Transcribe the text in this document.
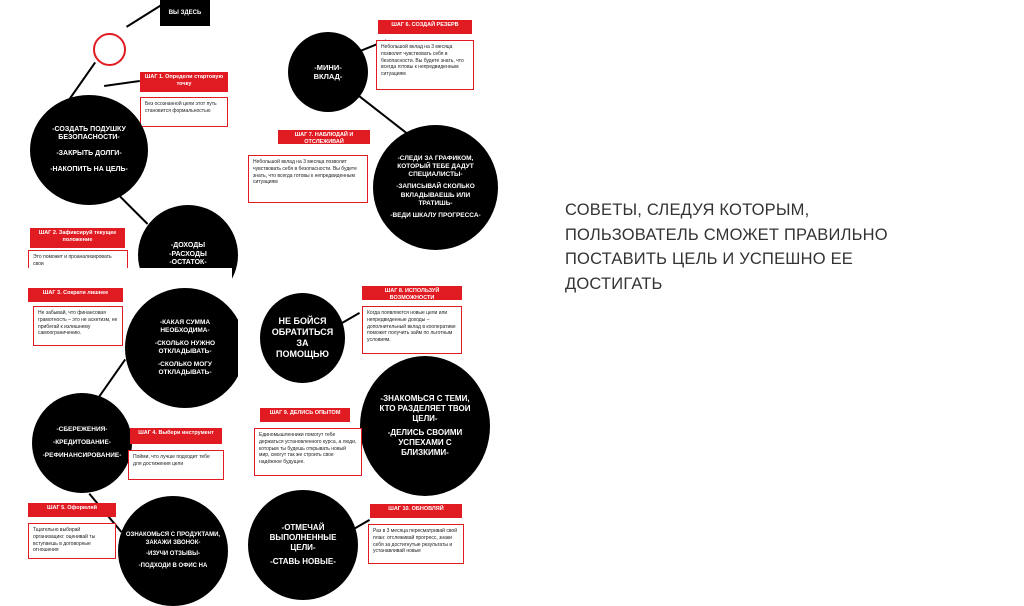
ВЫ ЗДЕСЬ
ШАГ 1. Определи стартовую точку
Без осознанной цели этот путь становится формальностью
-СОЗДАТЬ ПОДУШКУ
БЕЗОПАСНОСТИ-
-ЗАКРЫТЬ ДОЛГИ-
-НАКОПИТЬ НА ЦЕЛЬ-
ШАГ 2. Зафиксируй текущее положение
Это поможет и проанализировать свои
-ДОХОДЫ
-РАСХОДЫ
-ОСТАТОК-
-МИНИ-
ВКЛАД-
ШАГ 6. СОЗДАЙ РЕЗЕРВ
Небольшой вклад на 3 месяца позволит чувствовать себя в безопасности. Вы будете знать, что всегда готовы к непредвиденным ситуациям
ШАГ 7. НАБЛЮДАЙ И ОТСЛЕЖИВАЙ
Небольшой вклад на 3 месяца позволит чувствовать себя в безопасности. Вы будете знать, что всегда готовы к непредвиденным ситуациям
-СЛЕДИ ЗА ГРАФИКОМ,
КОТОРЫЙ ТЕБЕ ДАДУТ
СПЕЦИАЛИСТЫ-
-ЗАПИСЫВАЙ СКОЛЬКО
ВКЛАДЫВАЕШЬ ИЛИ
ТРАТИШЬ-
-ВЕДИ ШКАЛУ ПРОГРЕССА-
ШАГ 3. Сократи лишнее
Не забывай, что финансовая грамотность – это не аскетизм, не прибегай к излишнему самоограничению.
-КАКАЯ СУММА
НЕОБХОДИМА-
-СКОЛЬКО НУЖНО
ОТКЛАДЫВАТЬ-
-СКОЛЬКО МОГУ
ОТКЛАДЫВАТЬ-
-СБЕРЕЖЕНИЯ-
-КРЕДИТОВАНИЕ-
-РЕФИНАНСИРОВАНИЕ-
ШАГ 4. Выбери инструмент
Пойми, что лучше подходит тебе для достижения цели
ШАГ 5. Оформляй
Тщательно выбирай организацию: оценивай ты вступаешь в договорные отношения
ОЗНАКОМЬСЯ С ПРОДУКТАМИ,
ЗАКАЖИ ЗВОНОК-
-ИЗУЧИ ОТЗЫВЫ-
-ПОДХОДИ В ОФИС НА
НЕ БОЙСЯ
ОБРАТИТЬСЯ
ЗА
ПОМОЩЬЮ
ШАГ 8. ИСПОЛЬЗУЙ ВОЗМОЖНОСТИ
Когда появляются новые цели или непредвиденные доходы – дополнительный вклад в кооперативе поможет получить займ по льготным условиям.
-ЗНАКОМЬСЯ С ТЕМИ,
КТО РАЗДЕЛЯЕТ ТВОИ
ЦЕЛИ-
-ДЕЛИСЬ СВОИМИ
УСПЕХАМИ С
БЛИЗКИМИ-
ШАГ 9. ДЕЛИСЬ ОПЫТОМ
Единомышленники помогут тебе держаться установленного курса, а люди, которым ты будешь открывать новый мир, смогут так же строить свое надёжное будущее.
-ОТМЕЧАЙ
ВЫПОЛНЕННЫЕ
ЦЕЛИ-
-СТАВЬ НОВЫЕ-
ШАГ 10. ОБНОВЛЯЙ
Раз в 3 месяца пересматривай свой план: отслеживай прогресс, знаки себя за достигнутые результаты и устанавливай новые
СОВЕТЫ, СЛЕДУЯ КОТОРЫМ,
ПОЛЬЗОВАТЕЛЬ СМОЖЕТ ПРАВИЛЬНО
ПОСТАВИТЬ ЦЕЛЬ И УСПЕШНО ЕЕ
ДОСТИГАТЬ
